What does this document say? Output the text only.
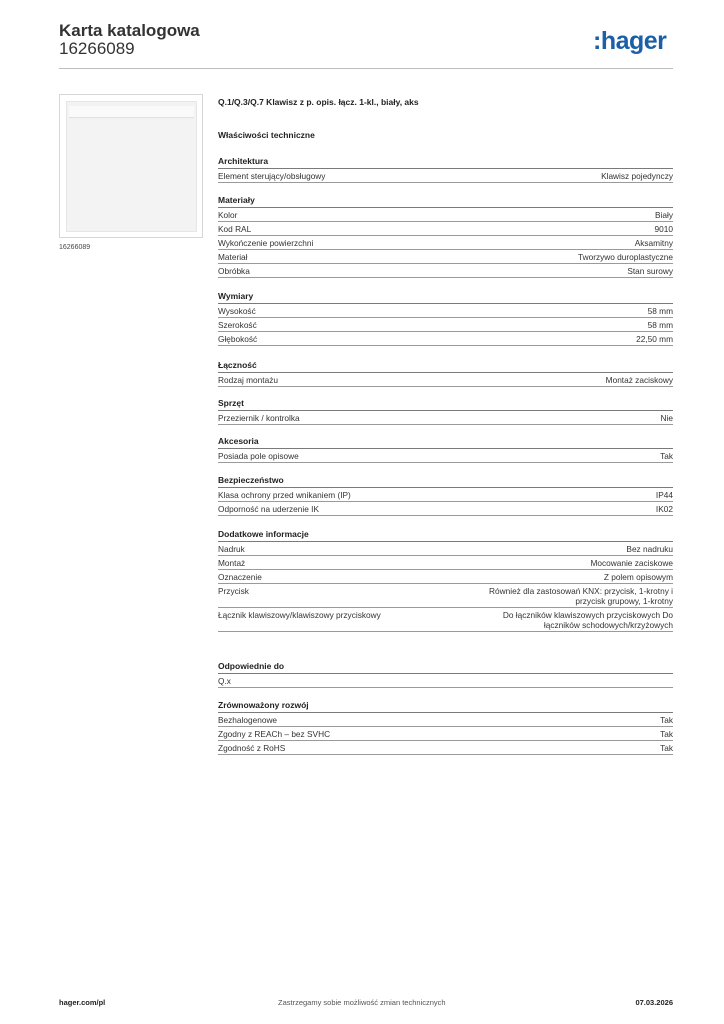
Karta katalogowa
16266089	:hager
16266089
Q.1/Q.3/Q.7 Klawisz z p. opis. łącz. 1-kl., biały, aks
Właściwości techniczne
Architektura
Element sterujący/obsługowy	Klawisz pojedynczy
Materiały
Kolor	Biały
Kod RAL	9010
Wykończenie powierzchni	Aksamitny
Materiał	Tworzywo duroplastyczne
Obróbka	Stan surowy
Wymiary
Wysokość	58 mm
Szerokość	58 mm
Głębokość	22,50 mm
Łączność
Rodzaj montażu	Montaż zaciskowy
Sprzęt
Przeziernik / kontrolka	Nie
Akcesoria
Posiada pole opisowe	Tak
Bezpieczeństwo
Klasa ochrony przed wnikaniem (IP)	IP44
Odporność na uderzenie IK	IK02
Dodatkowe informacje
Nadruk	Bez nadruku
Montaż	Mocowanie zaciskowe
Oznaczenie	Z polem opisowym
Przycisk	Również dla zastosowań KNX: przycisk, 1-krotny i przycisk grupowy, 1-krotny
Łącznik klawiszowy/klawiszowy przyciskowy	Do łączników klawiszowych przyciskowych Do łączników schodowych/krzyżowych
Odpowiednie do
Q.x
Zrównoważony rozwój
Bezhalogenowe	Tak
Zgodny z REACh – bez SVHC	Tak
Zgodność z RoHS	Tak
hager.com/pl	Zastrzegamy sobie możliwość zmian technicznych	07.03.2026
